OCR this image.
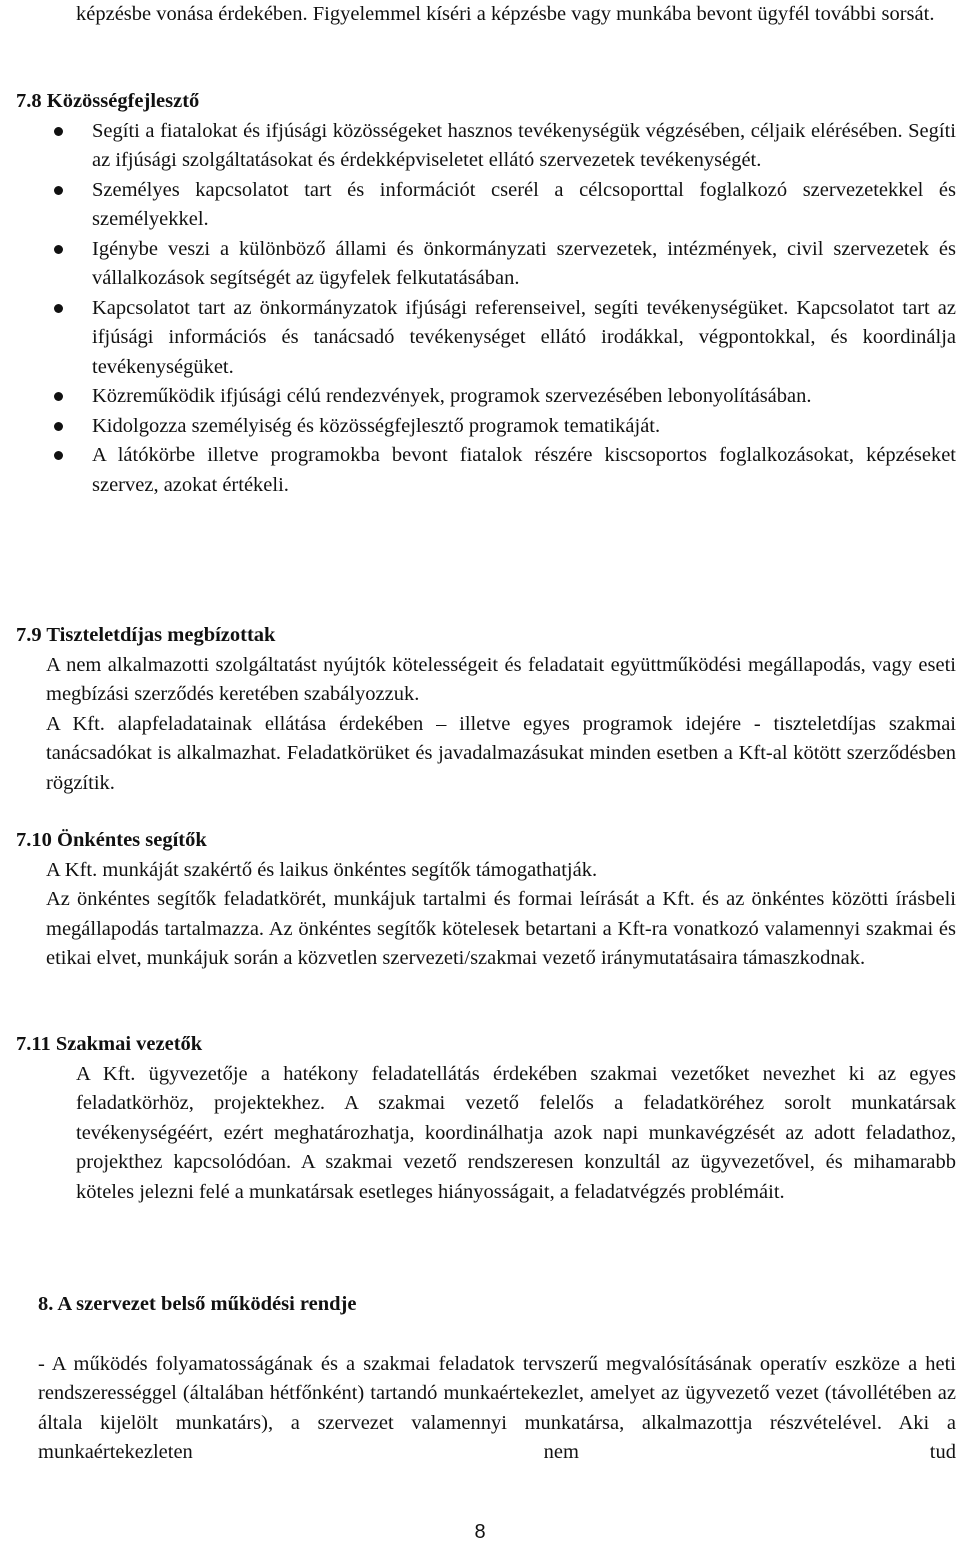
képzésbe vonása érdekében. Figyelemmel kíséri a képzésbe vagy munkába bevont ügyfél további sorsát.

7.8 Közösségfejlesztő

Segíti a fiatalokat és ifjúsági közösségeket hasznos tevékenységük végzésében, céljaik elérésében. Segíti az ifjúsági szolgáltatásokat és érdekképviseletet ellátó szervezetek tevékenységét.

Személyes kapcsolatot tart és információt cserél a célcsoporttal foglalkozó szervezetekkel és személyekkel.

Igénybe veszi a különböző állami és önkormányzati szervezetek, intézmények, civil szervezetek és vállalkozások segítségét az ügyfelek felkutatásában.

Kapcsolatot tart az önkormányzatok ifjúsági referenseivel, segíti tevékenységüket. Kapcsolatot tart az ifjúsági információs és tanácsadó tevékenységet ellátó irodákkal, végpontokkal, és koordinálja tevékenységüket.

Közreműködik ifjúsági célú rendezvények, programok szervezésében lebonyolításában.

Kidolgozza személyiség és közösségfejlesztő programok tematikáját.

A látókörbe illetve programokba bevont fiatalok részére kiscsoportos foglalkozásokat, képzéseket szervez, azokat értékeli.

7.9 Tiszteletdíjas megbízottak

A nem alkalmazotti szolgáltatást nyújtók kötelességeit és feladatait együttműködési megállapodás, vagy eseti megbízási szerződés keretében szabályozzuk.

A Kft. alapfeladatainak ellátása érdekében – illetve egyes programok idejére - tiszteletdíjas szakmai tanácsadókat is alkalmazhat. Feladatkörüket és javadalmazásukat minden esetben a Kft-al kötött szerződésben rögzítik.

7.10 Önkéntes segítők

A Kft. munkáját szakértő és laikus önkéntes segítők támogathatják.

Az önkéntes segítők feladatkörét, munkájuk tartalmi és formai leírását a Kft. és az önkéntes közötti írásbeli megállapodás tartalmazza. Az önkéntes segítők kötelesek betartani a Kft-ra vonatkozó valamennyi szakmai és etikai elvet, munkájuk során a közvetlen szervezeti/szakmai vezető iránymutatásaira támaszkodnak.

7.11 Szakmai vezetők

A Kft. ügyvezetője a hatékony feladatellátás érdekében szakmai vezetőket nevezhet ki az egyes feladatkörhöz, projektekhez. A szakmai vezető felelős a feladatköréhez sorolt munkatársak tevékenységéért, ezért meghatározhatja, koordinálhatja azok napi munkavégzését az adott feladathoz, projekthez kapcsolódóan. A szakmai vezető rendszeresen konzultál az ügyvezetővel, és mihamarabb köteles jelezni felé a munkatársak esetleges hiányosságait, a feladatvégzés problémáit.

8. A szervezet belső működési rendje

- A működés folyamatosságának és a szakmai feladatok tervszerű megvalósításának operatív eszköze a heti rendszerességgel (általában hétfőnként) tartandó munkaértekezlet, amelyet az ügyvezető vezet (távollétében az általa kijelölt munkatárs), a szervezet valamennyi munkatársa, alkalmazottja részvételével. Aki a munkaértekezleten nem tud

8
